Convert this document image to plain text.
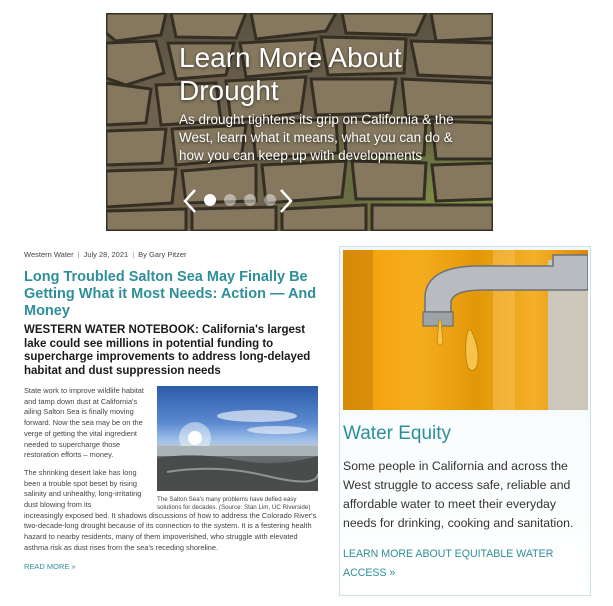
Learn More About Drought
As drought tightens its grip on California & the West, learn what it means, what you can do & how you can keep up with developments
Western Water | July 28, 2021 | By Gary Pitzer
Long Troubled Salton Sea May Finally Be Getting What it Most Needs: Action — And Money
WESTERN WATER NOTEBOOK: California's largest lake could see millions in potential funding to supercharge improvements to address long-delayed habitat and dust suppression needs
The Salton Sea's many problems have defied easy solutions for decades. (Source: Stan Lim, UC Riverside)

State work to improve wildlife habitat and tamp down dust at California's ailing Salton Sea is finally moving forward. Now the sea may be on the verge of getting the vital ingredient needed to supercharge those restoration efforts – money.

The shrinking desert lake has long been a trouble spot beset by rising salinity and unhealthy, long-irritating dust blowing from its
increasingly exposed bed. It shadows discussions of how to address the Colorado River's two-decade-long drought because of its connection to the system. It is a festering health hazard to nearby residents, many of them impoverished, who struggle with elevated asthma risk as dust rises from the sea's receding shoreline.

READ MORE »
Water Equity
Some people in California and across the West struggle to access safe, reliable and affordable water to meet their everyday needs for drinking, cooking and sanitation.
LEARN MORE ABOUT EQUITABLE WATER ACCESS »
